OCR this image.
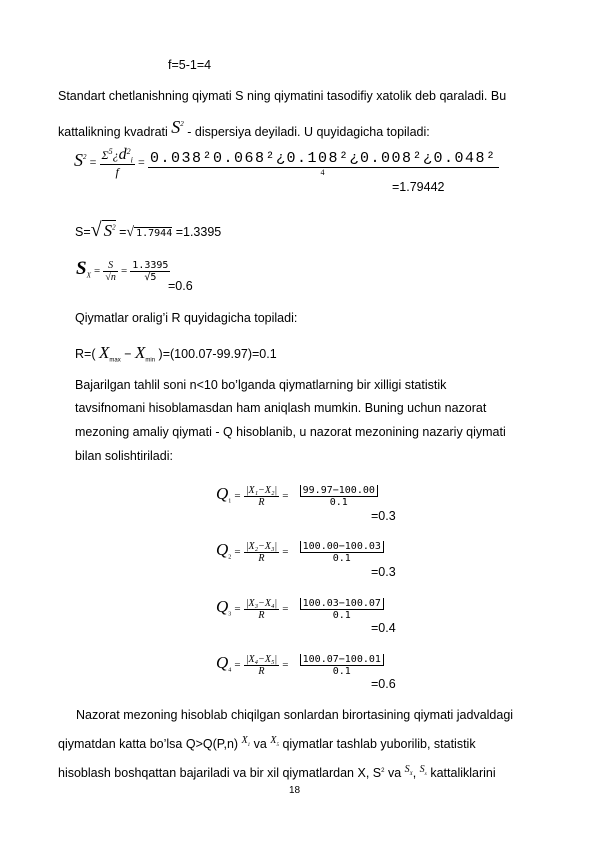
f=5-1=4
Standart chetlanishning qiymati S ning qiymatini tasodifiy xatolik deb qaraladi. Bu
kattalikning kvadrati $S^2$ - dispersiya deyiladi. U quyidagicha topiladi:
$S^2 = \frac{\Sigma^5¿d^2_i}{f} = \frac{\text{0.038²0.068²¿0.108²¿0.008²¿0.048²}}{4}$
=1.79442
S=√ $S^2$ =√ 1.7944 =1.3395
$S_X = \frac{S}{√n} = \frac{1.3395}{√5}$
=0.6
Qiymatlar oralig’i R quyidagicha topiladi:
R=( $X_{max} - X_{min}$ )=(100.07-99.97)=0.1
Bajarilgan tahlil soni n<10 bo’lganda qiymatlarning bir xilligi statistik
tavsifnomani hisoblamasdan ham aniqlash mumkin. Buning uchun nazorat
mezoning amaliy qiymati - Q hisoblanib, u nazorat mezonining nazariy qiymati
bilan solishtiriladi:
$Q_1 = \frac{\text{|X₁−X₂|}}{R} = \frac{99.97-100.00}{0.1}$
=0.3
$Q_2 = \frac{\text{|X₂−X₃|}}{R} = \frac{100.00-100.03}{0.1}$
=0.3
$Q_3 = \frac{\text{|X₃−X₄|}}{R} = \frac{100.03-100.07}{0.1}$
=0.4
$Q_4 = \frac{\text{|X₄−X₅|}}{R} = \frac{100.07-100.01}{0.1}$
=0.6
Nazorat mezoning hisoblab chiqilgan sonlardan birortasining qiymati jadvaldagi
qiymatdan katta bo’lsa Q>Q(P,n) $^{X_1}$ va $^{X_5}$ qiymatlar tashlab yuborilib, statistik
hisoblash boshqattan bajariladi va bir xil qiymatlardan X, $S^2$ va $^{S_X}$, $^{S_x}$ kattaliklarini
18
